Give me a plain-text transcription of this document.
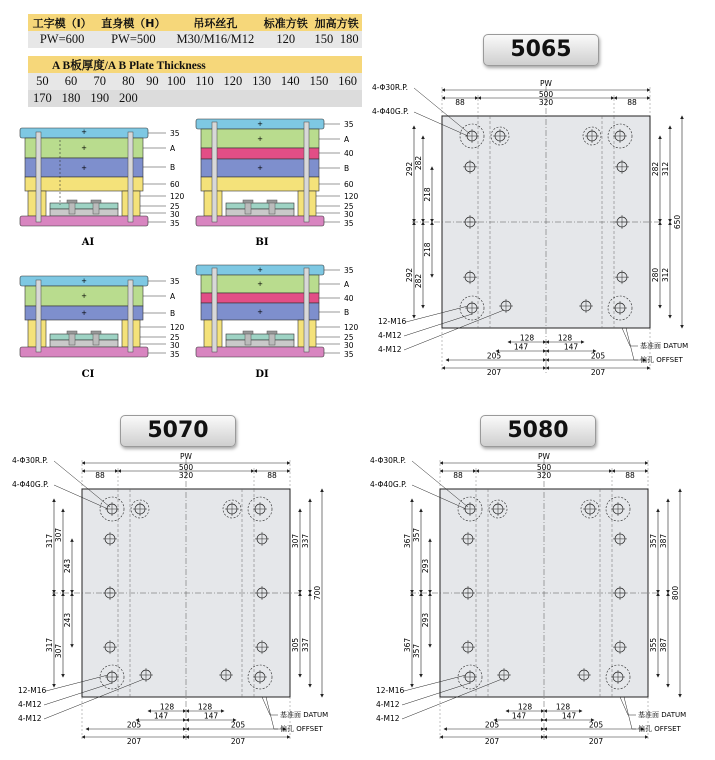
工字模（I）	直身模（H）	吊环丝孔	标准方铁	加高方铁	
PW=600	PW=500	M30/M16/M12	120	150	180
A B板厚度/A B Plate Thickness											
50	60	70	80	90	100	110	120	130	140	150	160
170	180	190	200								
5065
5070	5080
+
+
+
35
A
B
60
120
25
30
35
AI
+
+
+
35
A
40
B
60
120
25
30
35
BI
+
+
+
35
A
B
120
25
30
35
CI
+
+
+
35
A
40
B
120
25
30
35
DI
PW
500
320
88	88
128	128
147	147
205	205
207	207
292
292
282
282
218
218
282
280
312
312
650
4-Φ30R.P.
4-Φ40G.P.
12-M16
4-M12
4-M12	基准面 DATUM
偏孔 OFFSET
PW
500
320
88	88
128	128
147	147
205	205
207	207
317
317
307
307
243
243
307
305
337
337
700
4-Φ30R.P.
4-Φ40G.P.
12-M16
4-M12
4-M12	基准面 DATUM
偏孔 OFFSET
PW
500
320
88	88
128	128
147	147
205	205
207	207
367
367
357
357
293
293
357
355
387
387
800
4-Φ30R.P.
4-Φ40G.P.
12-M16
4-M12
4-M12	基准面 DATUM
偏孔 OFFSET
